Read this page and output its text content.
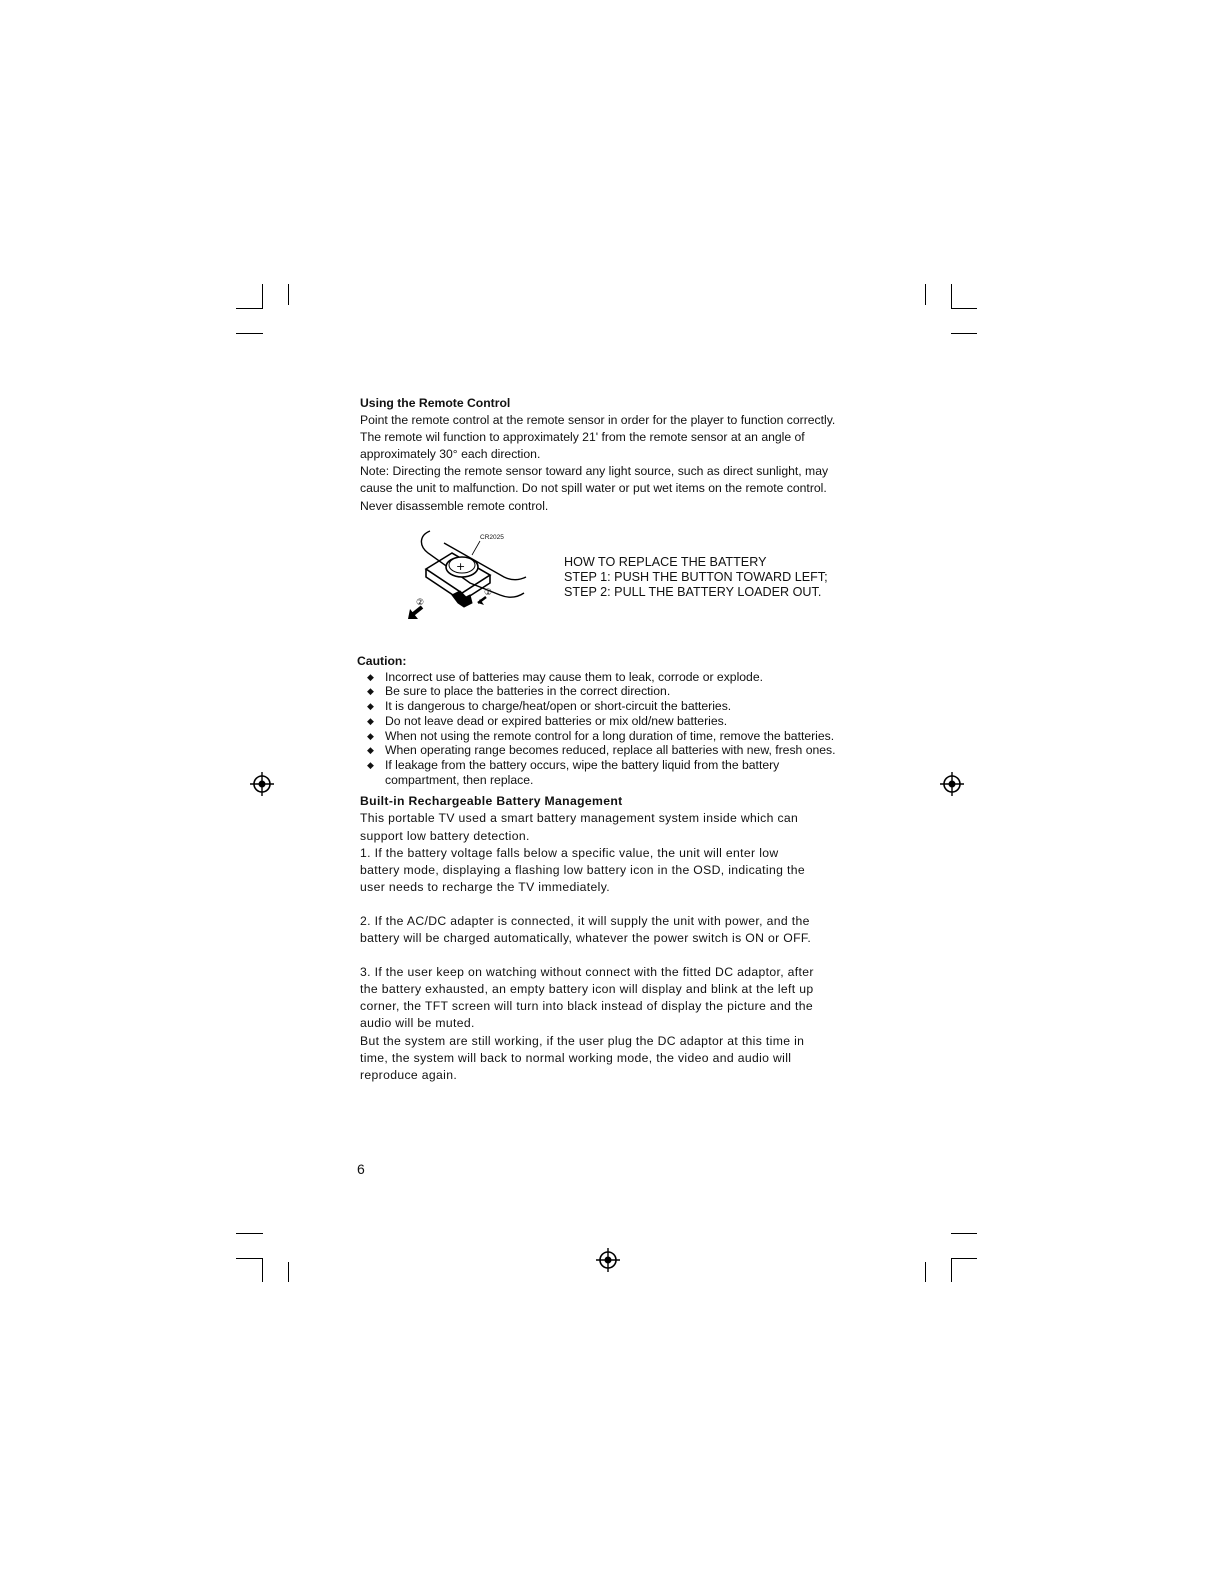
Using the Remote Control

Point the remote control at the remote sensor in order for the player to function correctly.

The remote wil function to approximately 21' from the remote sensor at an angle of

approximately 30° each direction.

Note: Directing the remote sensor toward any light source, such as direct sunlight, may

cause the unit to malfunction. Do not spill water or put wet items on the remote control.

Never disassemble remote control.

+
CR2025
①
②
HOW TO REPLACE THE BATTERY
STEP 1: PUSH THE BUTTON TOWARD LEFT;
STEP 2: PULL THE BATTERY LOADER OUT.

Caution:

◆ Incorrect use of batteries may cause them to leak, corrode or explode.
◆ Be sure to place the batteries in the correct direction.
◆ It is dangerous to charge/heat/open or short-circuit the batteries.
◆ Do not leave dead or expired batteries or mix old/new batteries.
◆ When not using the remote control for a long duration of time, remove the batteries.
◆ When operating range becomes reduced, replace all batteries with new, fresh ones.
◆ If leakage from the battery occurs, wipe the battery liquid from the battery
compartment, then replace.

Built-in Rechargeable Battery Management

This portable TV used a smart battery management system inside which can

support low battery detection.

1. If the battery voltage falls below a specific value, the unit will enter low

battery mode, displaying a flashing low battery icon in the OSD, indicating the

user needs to recharge the TV immediately.

2. If the AC/DC adapter is connected, it will supply the unit with power, and the

battery will be charged automatically, whatever the power switch is ON or OFF.

3. If the user keep on watching without connect with the fitted DC adaptor, after

the battery exhausted, an empty battery icon will display and blink at the left up

corner, the TFT screen will turn into black instead of display the picture and the

audio will be muted.

But the system are still working, if the user plug the DC adaptor at this time in

time, the system will back to normal working mode, the video and audio will

reproduce again.

6
